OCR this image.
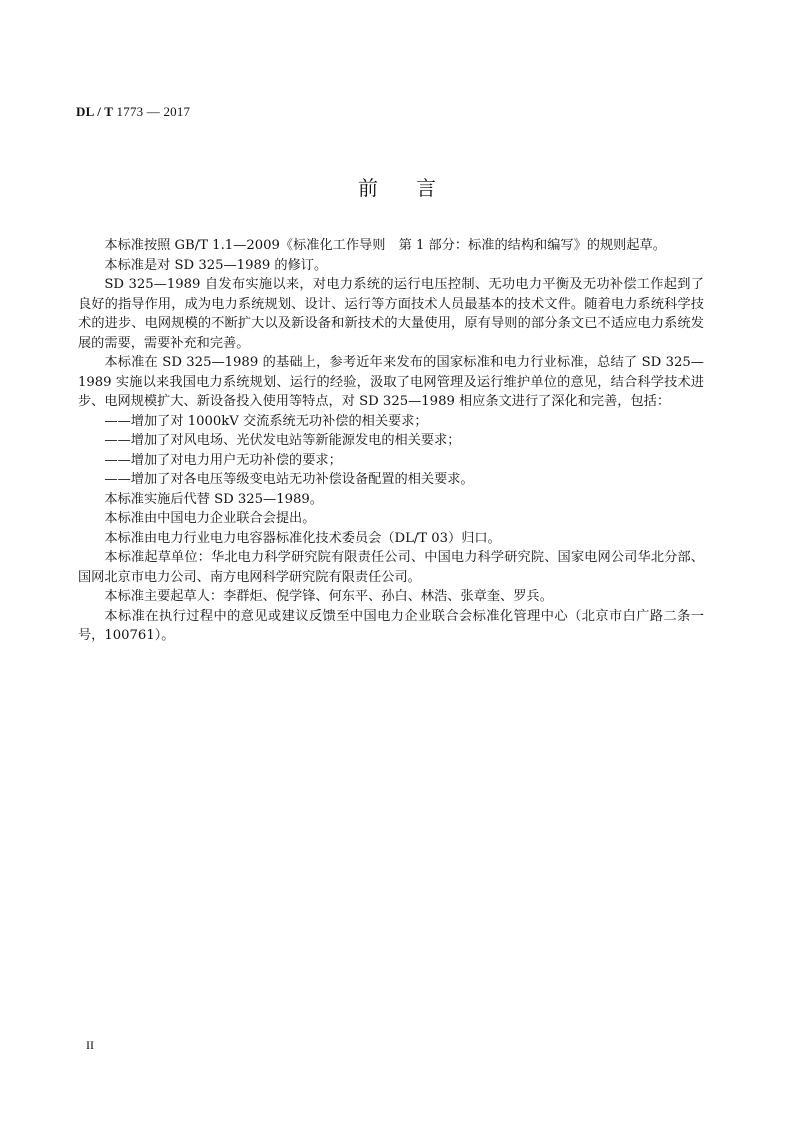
DL / T 1773 — 2017
前言

本标准按照 GB/T 1.1—2009《标准化工作导则　第 1 部分：标准的结构和编写》的规则起草。

本标准是对 SD 325—1989 的修订。

SD 325—1989 自发布实施以来，对电力系统的运行电压控制、无功电力平衡及无功补偿工作起到了良好的指导作用，成为电力系统规划、设计、运行等方面技术人员最基本的技术文件。随着电力系统科学技术的进步、电网规模的不断扩大以及新设备和新技术的大量使用，原有导则的部分条文已不适应电力系统发展的需要，需要补充和完善。

本标准在 SD 325—1989 的基础上，参考近年来发布的国家标准和电力行业标准，总结了 SD 325—1989 实施以来我国电力系统规划、运行的经验，汲取了电网管理及运行维护单位的意见，结合科学技术进步、电网规模扩大、新设备投入使用等特点，对 SD 325—1989 相应条文进行了深化和完善，包括：

——增加了对 1000kV 交流系统无功补偿的相关要求；

——增加了对风电场、光伏发电站等新能源发电的相关要求；

——增加了对电力用户无功补偿的要求；

——增加了对各电压等级变电站无功补偿设备配置的相关要求。

本标准实施后代替 SD 325—1989。

本标准由中国电力企业联合会提出。

本标准由电力行业电力电容器标准化技术委员会（DL/T 03）归口。

本标准起草单位：华北电力科学研究院有限责任公司、中国电力科学研究院、国家电网公司华北分部、国网北京市电力公司、南方电网科学研究院有限责任公司。

本标准主要起草人：李群炬、倪学锋、何东平、孙白、林浩、张章奎、罗兵。

本标准在执行过程中的意见或建议反馈至中国电力企业联合会标准化管理中心（北京市白广路二条一号，100761）。

II
